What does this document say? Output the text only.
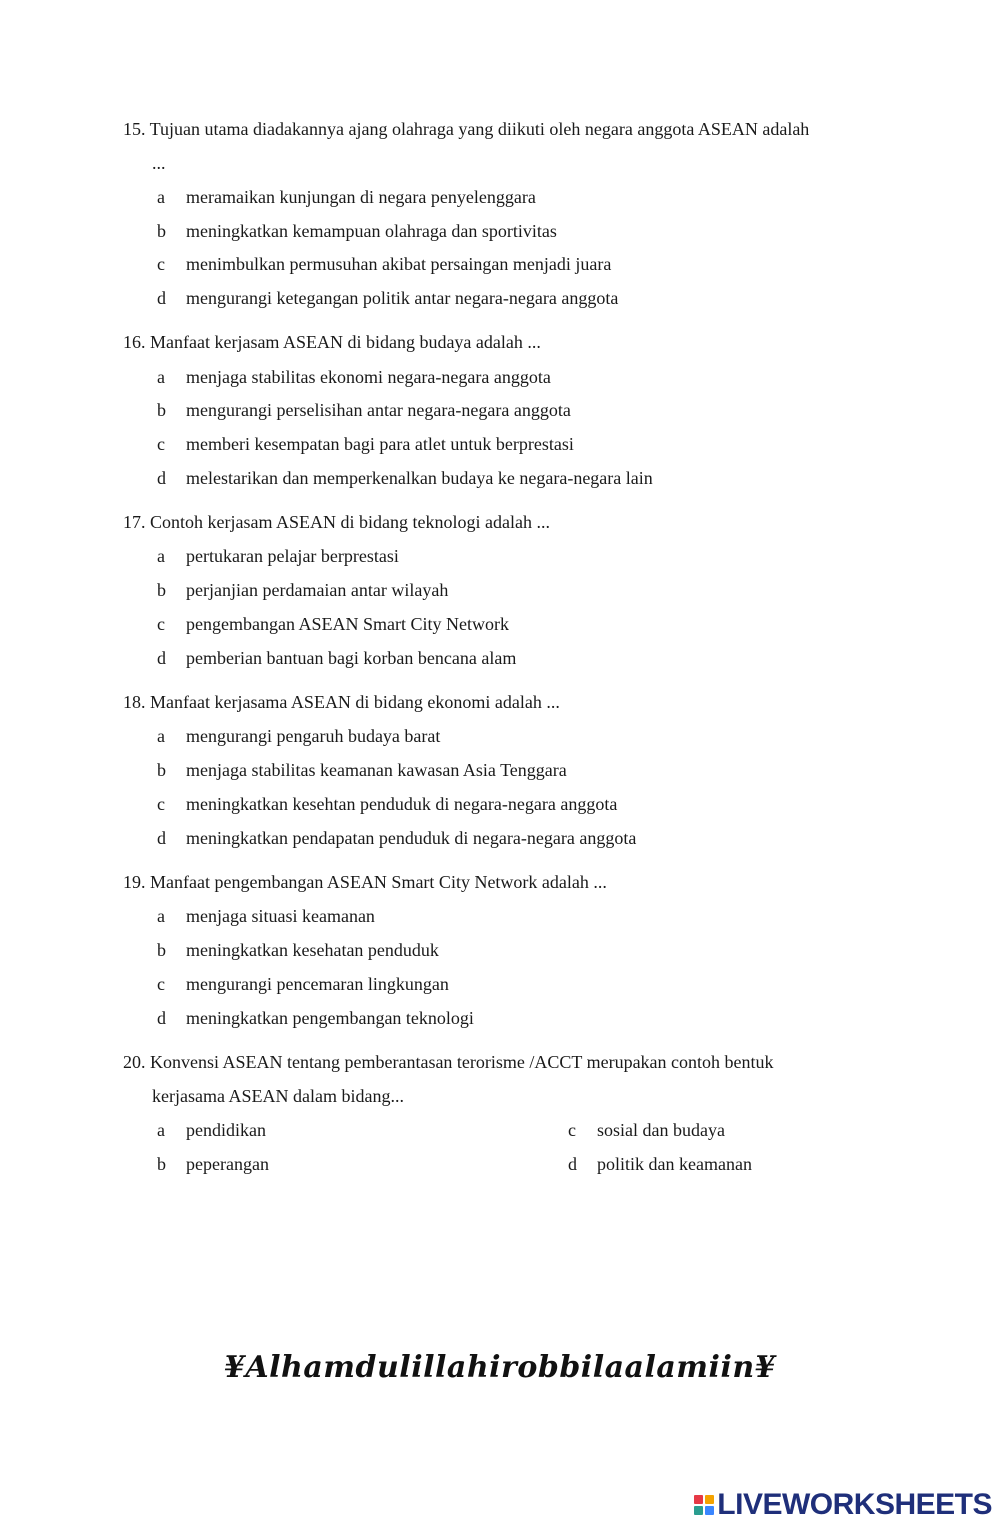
15. Tujuan utama diadakannya ajang olahraga yang diikuti oleh negara anggota ASEAN adalah
...
a	meramaikan kunjungan di negara penyelenggara
b	meningkatkan kemampuan olahraga dan sportivitas
c	menimbulkan permusuhan akibat persaingan menjadi juara
d	mengurangi ketegangan politik antar negara-negara anggota
16. Manfaat kerjasam ASEAN di bidang budaya adalah ...
a	menjaga stabilitas ekonomi negara-negara anggota
b	mengurangi perselisihan antar negara-negara anggota
c	memberi kesempatan bagi para atlet untuk berprestasi
d	melestarikan dan memperkenalkan budaya ke negara-negara lain
17. Contoh kerjasam ASEAN di bidang teknologi adalah ...
a	pertukaran pelajar berprestasi
b	perjanjian perdamaian antar wilayah
c	pengembangan ASEAN Smart City Network
d	pemberian bantuan bagi korban bencana alam
18. Manfaat kerjasama ASEAN di bidang ekonomi adalah ...
a	mengurangi pengaruh budaya barat
b	menjaga stabilitas keamanan kawasan Asia Tenggara
c	meningkatkan kesehtan penduduk di negara-negara anggota
d	meningkatkan pendapatan penduduk di negara-negara anggota
19. Manfaat pengembangan ASEAN Smart City Network adalah ...
a	menjaga situasi keamanan
b	meningkatkan kesehatan penduduk
c	mengurangi pencemaran lingkungan
d	meningkatkan pengembangan teknologi
20. Konvensi ASEAN tentang pemberantasan terorisme /ACCT merupakan contoh bentuk
kerjasama ASEAN dalam bidang...
a	pendidikan
b	peperangan
c	sosial dan budaya
d	politik dan keamanan
¥Alhamdulillahirobbilaalamiin¥
LIVEWORKSHEETS
